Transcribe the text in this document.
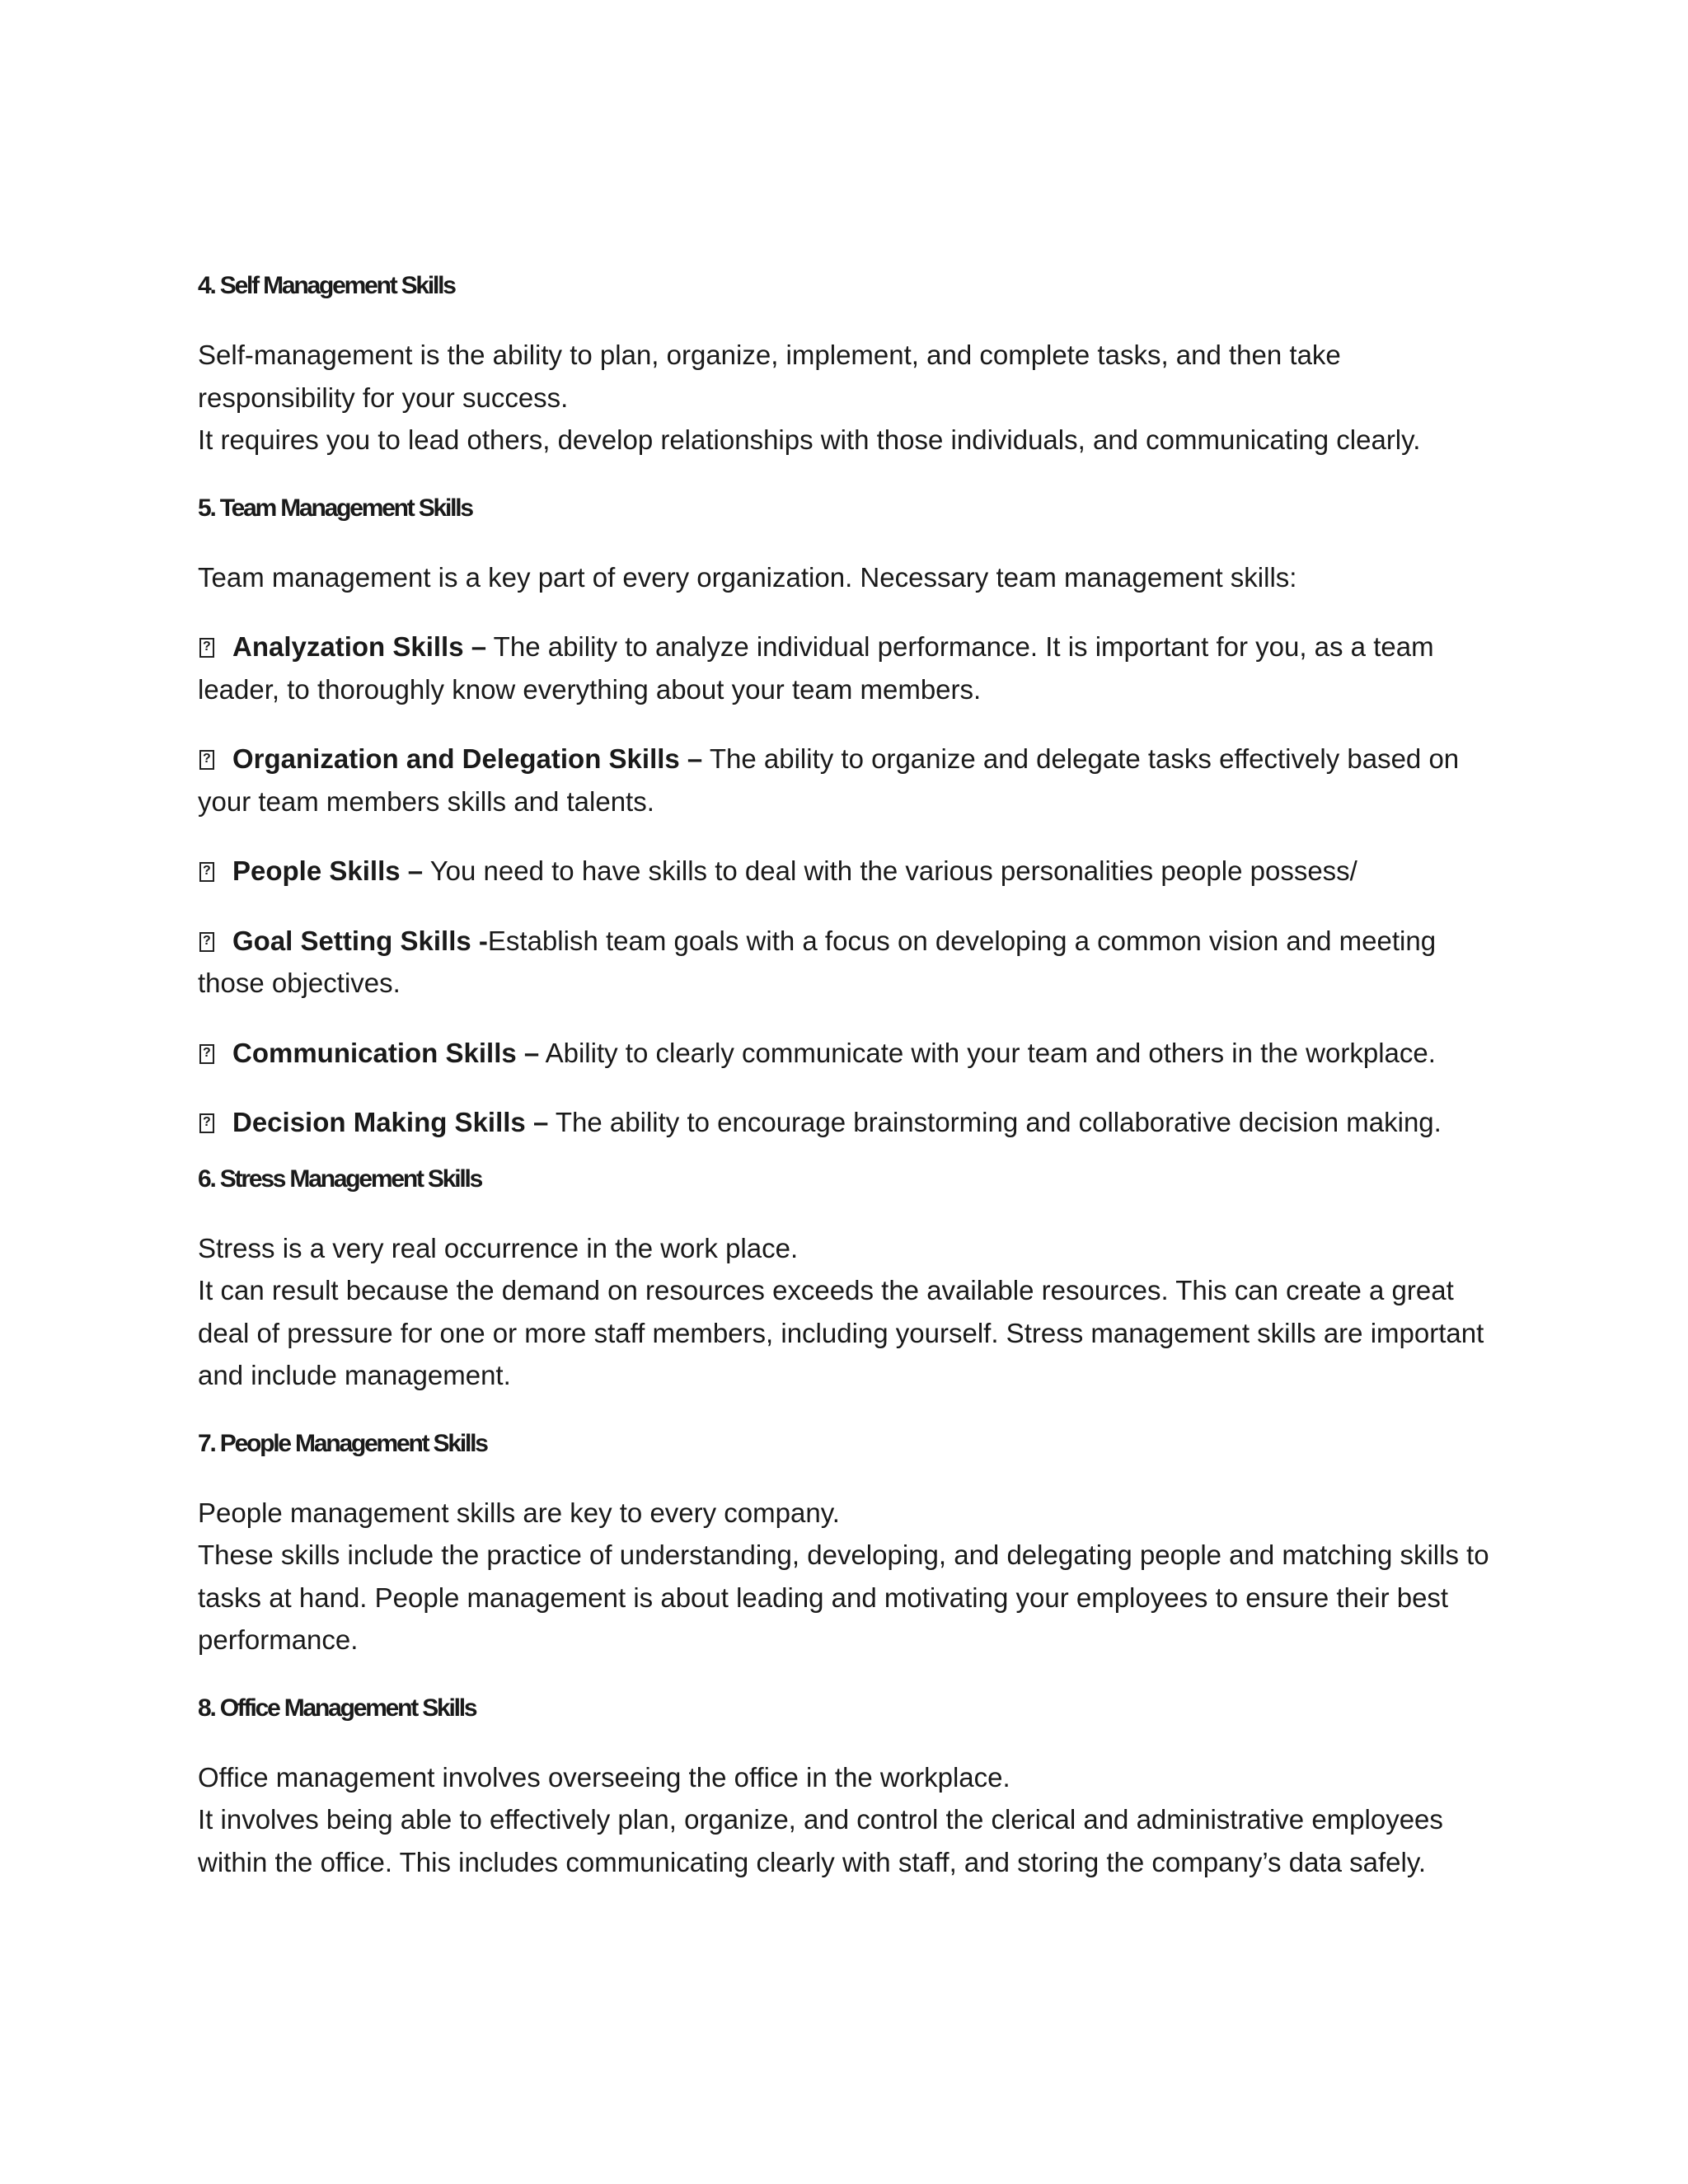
4. Self Management Skills

Self-management is the ability to plan, organize, implement, and complete tasks, and then take

responsibility for your success.

It requires you to lead others, develop relationships with those individuals, and communicating clearly.

5. Team Management Skills

Team management is a key part of every organization. Necessary team management skills:

?Analyzation Skills – The ability to analyze individual performance. It is important for you, as a team leader, to thoroughly know everything about your team members.

?Organization and Delegation Skills – The ability to organize and delegate tasks effectively based on your team members skills and talents.

?People Skills – You need to have skills to deal with the various personalities people possess/

?Goal Setting Skills -Establish team goals with a focus on developing a common vision and meeting those objectives.

?Communication Skills – Ability to clearly communicate with your team and others in the workplace.

?Decision Making Skills – The ability to encourage brainstorming and collaborative decision making.

6. Stress Management Skills

Stress is a very real occurrence in the work place.

It can result because the demand on resources exceeds the available resources. This can create a great deal of pressure for one or more staff members, including yourself. Stress management skills are important and include management.

7. People Management Skills

People management skills are key to every company.

These skills include the practice of understanding, developing, and delegating people and matching skills to tasks at hand. People management is about leading and motivating your employees to ensure their best performance.

8. Office Management Skills

Office management involves overseeing the office in the workplace.

It involves being able to effectively plan, organize, and control the clerical and administrative employees within the office. This includes communicating clearly with staff, and storing the company’s data safely.
